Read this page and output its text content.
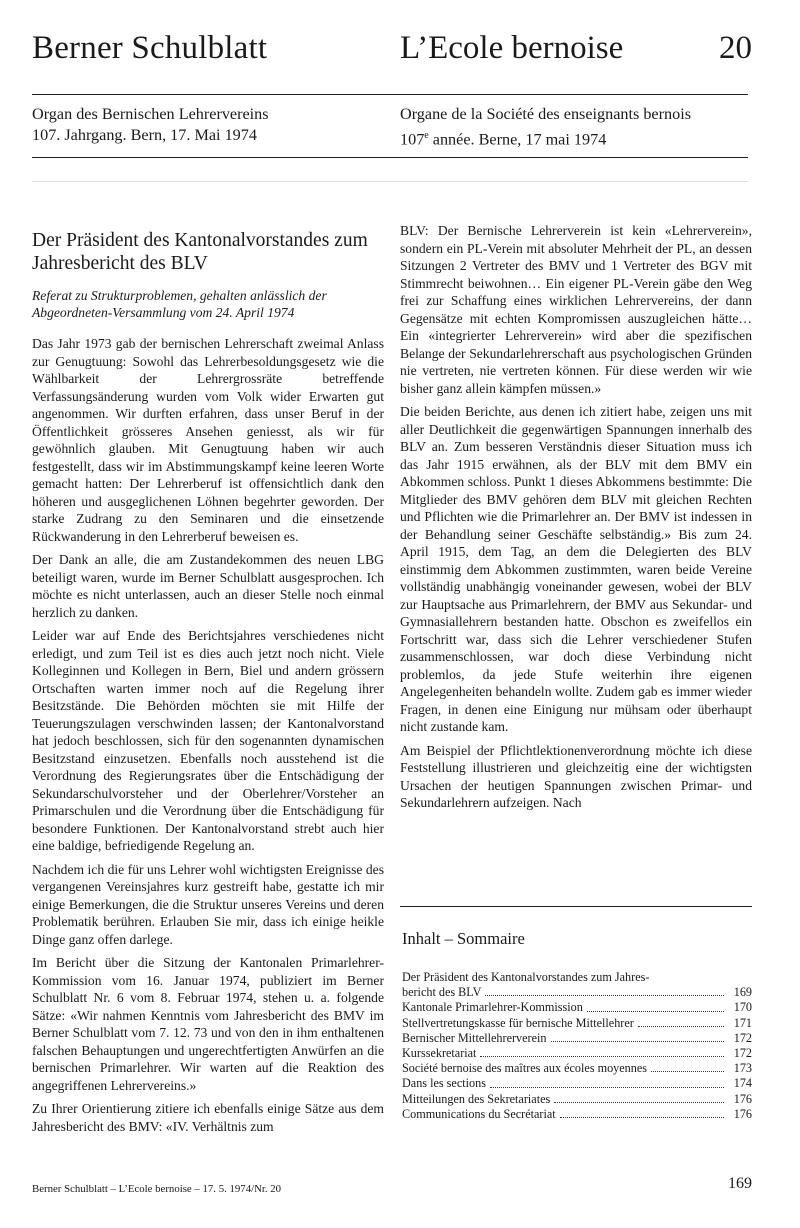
Berner Schulblatt	L’Ecole bernoise	20
Organ des Bernischen Lehrervereins
107. Jahrgang. Bern, 17. Mai 1974
Organe de la Société des enseignants bernois
107e année. Berne, 17 mai 1974
Der Präsident des Kantonalvorstandes zum Jahresbericht des BLV
Referat zu Strukturproblemen, gehalten anlässlich der Abgeordneten-Versammlung vom 24. April 1974

Das Jahr 1973 gab der bernischen Lehrerschaft zweimal Anlass zur Genugtuung: Sowohl das Lehrerbesoldungsgesetz wie die Wählbarkeit der Lehrergrossräte betreffende Verfassungsänderung wurden vom Volk wider Erwarten gut angenommen. Wir durften erfahren, dass unser Beruf in der Öffentlichkeit grösseres Ansehen geniesst, als wir für gewöhnlich glauben. Mit Genugtuung haben wir auch festgestellt, dass wir im Abstimmungskampf keine leeren Worte gemacht hatten: Der Lehrerberuf ist offensichtlich dank den höheren und ausgeglichenen Löhnen begehrter geworden. Der starke Zudrang zu den Seminaren und die einsetzende Rückwanderung in den Lehrerberuf beweisen es.

Der Dank an alle, die am Zustandekommen des neuen LBG beteiligt waren, wurde im Berner Schulblatt ausgesprochen. Ich möchte es nicht unterlassen, auch an dieser Stelle noch einmal herzlich zu danken.

Leider war auf Ende des Berichtsjahres verschiedenes nicht erledigt, und zum Teil ist es dies auch jetzt noch nicht. Viele Kolleginnen und Kollegen in Bern, Biel und andern grössern Ortschaften warten immer noch auf die Regelung ihrer Besitzstände. Die Behörden möchten sie mit Hilfe der Teuerungszulagen verschwinden lassen; der Kantonalvorstand hat jedoch beschlossen, sich für den sogenannten dynamischen Besitzstand einzusetzen. Ebenfalls noch ausstehend ist die Verordnung des Regierungsrates über die Entschädigung der Sekundarschulvorsteher und der Oberlehrer/Vorsteher an Primarschulen und die Verordnung über die Entschädigung für besondere Funktionen. Der Kantonalvorstand strebt auch hier eine baldige, befriedigende Regelung an.

Nachdem ich die für uns Lehrer wohl wichtigsten Ereignisse des vergangenen Vereinsjahres kurz gestreift habe, gestatte ich mir einige Bemerkungen, die die Struktur unseres Vereins und deren Problematik berühren. Erlauben Sie mir, dass ich einige heikle Dinge ganz offen darlege.

Im Bericht über die Sitzung der Kantonalen Primarlehrer-Kommission vom 16. Januar 1974, publiziert im Berner Schulblatt Nr. 6 vom 8. Februar 1974, stehen u. a. folgende Sätze: «Wir nahmen Kenntnis vom Jahresbericht des BMV im Berner Schulblatt vom 7. 12. 73 und von den in ihm enthaltenen falschen Behauptungen und ungerechtfertigten Anwürfen an die bernischen Primarlehrer. Wir warten auf die Reaktion des angegriffenen Lehrervereins.»

Zu Ihrer Orientierung zitiere ich ebenfalls einige Sätze aus dem Jahresbericht des BMV: «IV. Verhältnis zum

BLV: Der Bernische Lehrerverein ist kein «Lehrerverein», sondern ein PL-Verein mit absoluter Mehrheit der PL, an dessen Sitzungen 2 Vertreter des BMV und 1 Vertreter des BGV mit Stimmrecht beiwohnen… Ein eigener PL-Verein gäbe den Weg frei zur Schaffung eines wirklichen Lehrervereins, der dann Gegensätze mit echten Kompromissen auszugleichen hätte… Ein «integrierter Lehrerverein» wird aber die spezifischen Belange der Sekundarlehrerschaft aus psychologischen Gründen nie vertreten, nie vertreten können. Für diese werden wir wie bisher ganz allein kämpfen müssen.»

Die beiden Berichte, aus denen ich zitiert habe, zeigen uns mit aller Deutlichkeit die gegenwärtigen Spannungen innerhalb des BLV an. Zum besseren Verständnis dieser Situation muss ich das Jahr 1915 erwähnen, als der BLV mit dem BMV ein Abkommen schloss. Punkt 1 dieses Abkommens bestimmte: Die Mitglieder des BMV gehören dem BLV mit gleichen Rechten und Pflichten wie die Primarlehrer an. Der BMV ist indessen in der Behandlung seiner Geschäfte selbständig.» Bis zum 24. April 1915, dem Tag, an dem die Delegierten des BLV einstimmig dem Abkommen zustimmten, waren beide Vereine vollständig unabhängig voneinander gewesen, wobei der BLV zur Hauptsache aus Primarlehrern, der BMV aus Sekundar- und Gymnasiallehrern bestanden hatte. Obschon es zweifellos ein Fortschritt war, dass sich die Lehrer verschiedener Stufen zusammenschlossen, war doch diese Verbindung nicht problemlos, da jede Stufe weiterhin ihre eigenen Angelegenheiten behandeln wollte. Zudem gab es immer wieder Fragen, in denen eine Einigung nur mühsam oder überhaupt nicht zustande kam.

Am Beispiel der Pflichtlektionenverordnung möchte ich diese Feststellung illustrieren und gleichzeitig eine der wichtigsten Ursachen der heutigen Spannungen zwischen Primar- und Sekundarlehrern aufzeigen. Nach

Inhalt – Sommaire
Der Präsident des Kantonalvorstandes zum Jahres-
bericht des BLV	169
Kantonale Primarlehrer-Kommission	170
Stellvertretungskasse für bernische Mittellehrer	171
Bernischer Mittellehrerverein	172
Kurssekretariat	172
Société bernoise des maîtres aux écoles moyennes	173
Dans les sections	174
Mitteilungen des Sekretariates	176
Communications du Secrétariat	176
Berner Schulblatt – L’Ecole bernoise – 17. 5. 1974/Nr. 20	169
